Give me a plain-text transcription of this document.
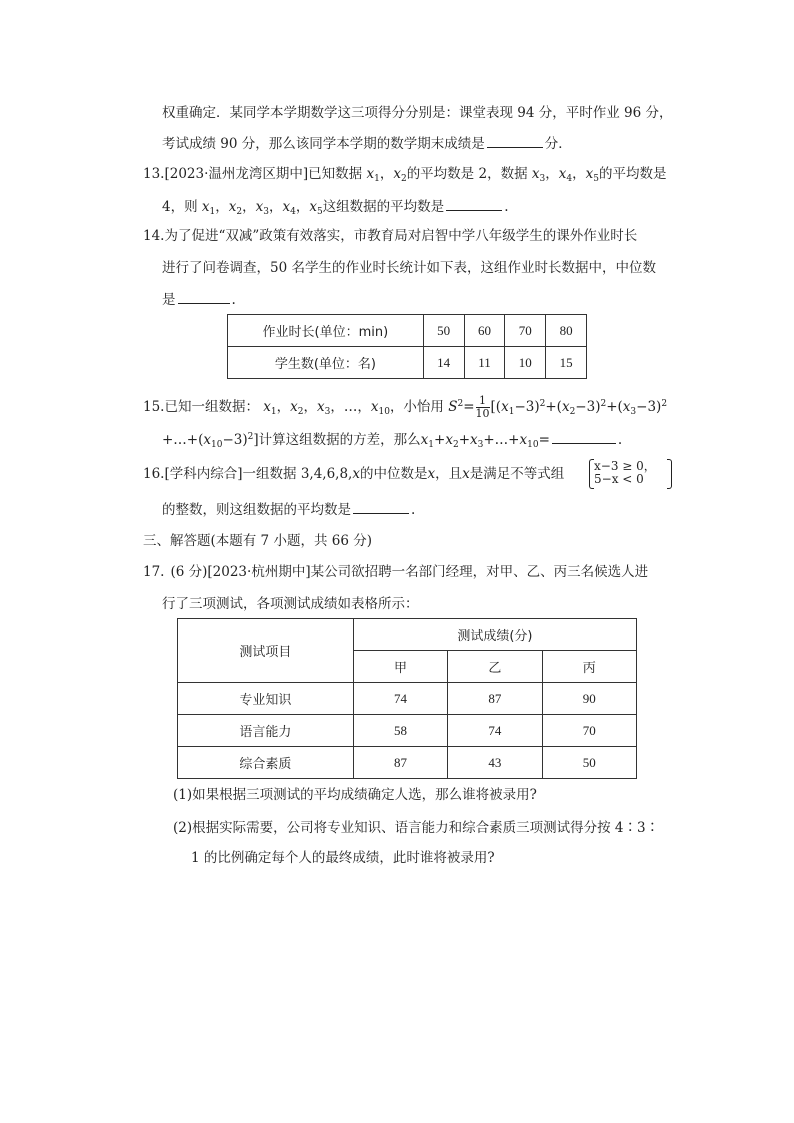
权重确定．某同学本学期数学这三项得分分别是：课堂表现 94 分，平时作业 96 分，
考试成绩 90 分，那么该同学本学期的数学期末成绩是	分．
13.[2023·温州龙湾区期中]已知数据 $x_1$，$x_2$的平均数是 2，数据 $x_3$，$x_4$，$x_5$的平均数是
4，则 $x_1$，$x_2$，$x_3$，$x_4$，$x_5$这组数据的平均数是	.
14.为了促进“双减”政策有效落实，市教育局对启智中学八年级学生的课外作业时长
进行了问卷调查，50 名学生的作业时长统计如下表，这组作业时长数据中，中位数
是	.
作业时长(单位：min)	50	60	70	80
学生数(单位：名)	14	11	10	15
15.已知一组数据： $x_1$，$x_2$，$x_3$，…，$x_{10}$，小怡用 $S^2= \frac{1}{10} [(x_1-3)^2+(x_2-3)^2+(x_3-3)^2$
$+\dots+(x_{10}-3)^2$]计算这组数据的方差，那么$x_1+x_2+x_3+\dots+x_{10}=$	.
16.[学科内综合]一组数据 3,4,6,8,x的中位数是x，且x是满足不等式组 x−3 ≥ 0，
5−x < 0
的整数，则这组数据的平均数是	.
三、解答题(本题有 7 小题，共 66 分)
17. (6 分)[2023·杭州期中]某公司欲招聘一名部门经理，对甲、乙、丙三名候选人进
行了三项测试，各项测试成绩如表格所示：
测试项目	测试成绩(分)		
	甲	乙	丙
专业知识	74	87	90
语言能力	58	74	70
综合素质	87	43	50
(1)如果根据三项测试的平均成绩确定人选，那么谁将被录用?
(2)根据实际需要，公司将专业知识、语言能力和综合素质三项测试得分按 4∶3∶
1 的比例确定每个人的最终成绩，此时谁将被录用?
